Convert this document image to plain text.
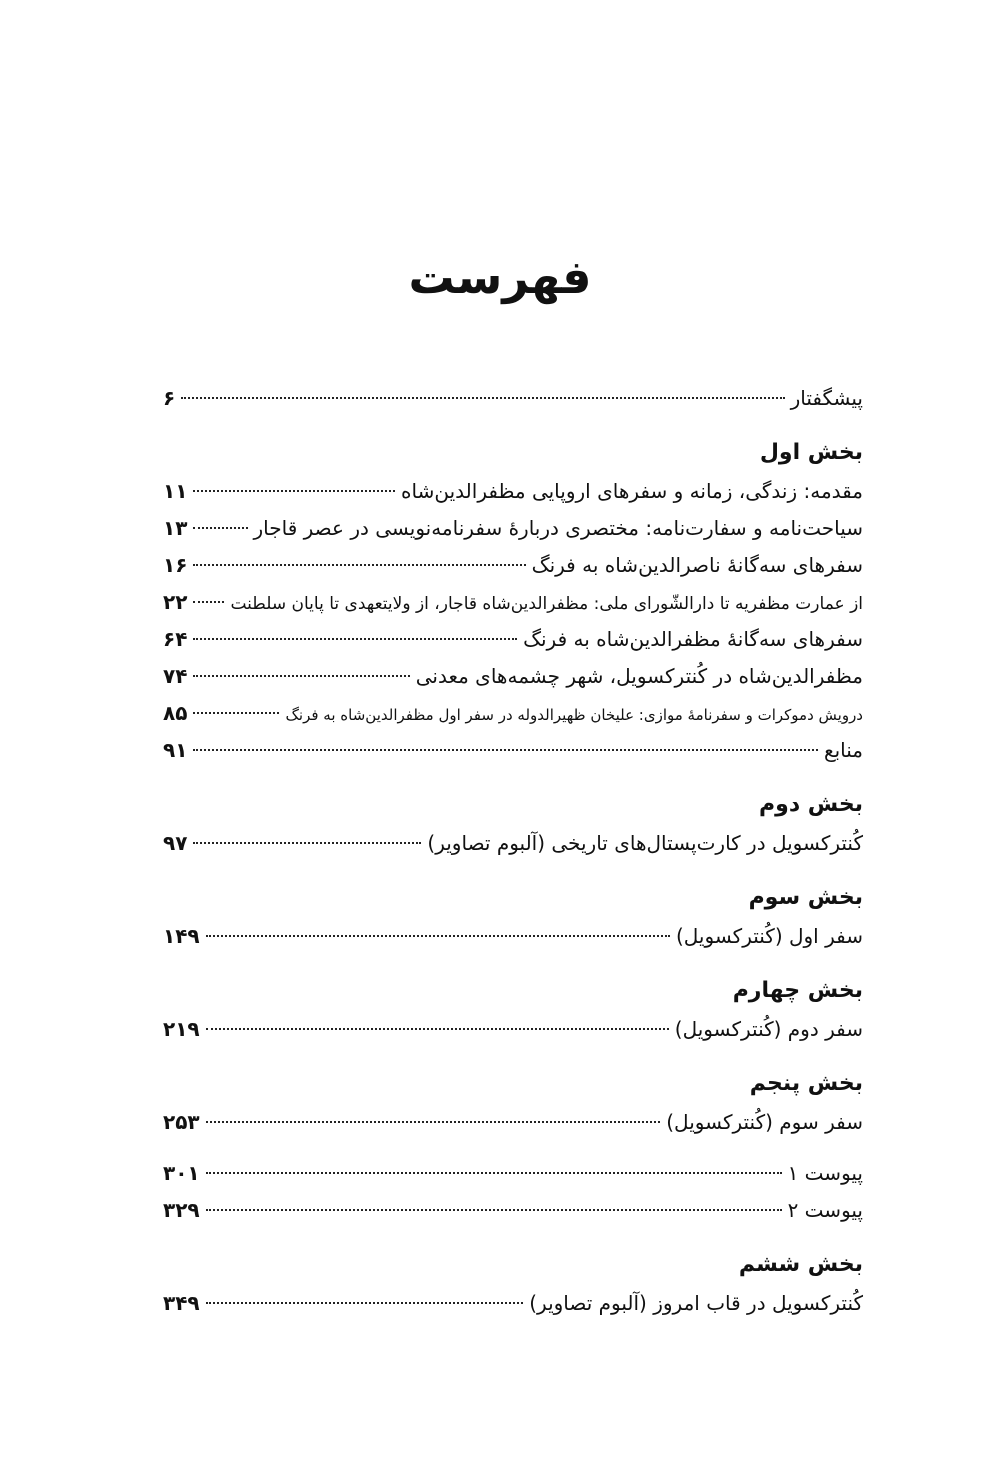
فهرست
پیشگفتار
۶
بخش اول
مقدمه: زندگی، زمانه و سفرهای اروپایی مظفرالدین‌شاه
۱۱
سیاحت‌نامه و سفارت‌نامه: مختصری دربارهٔ سفرنامه‌نویسی در عصر قاجار
۱۳
سفرهای سه‌گانهٔ ناصرالدین‌شاه به فرنگ
۱۶
از عمارت مظفریه تا دارالشّورای ملی: مظفرالدین‌شاه قاجار، از ولایتعهدی تا پایان سلطنت
۲۲
سفرهای سه‌گانهٔ مظفرالدین‌شاه به فرنگ
۶۴
مظفرالدین‌شاه در کُنترکسویل، شهر چشمه‌های معدنی
۷۴
درویش دموکرات و سفرنامهٔ موازی: علیخان ظهیرالدوله در سفر اول مظفرالدین‌شاه به فرنگ
۸۵
منابع
۹۱
بخش دوم
کُنترکسویل در کارت‌پستال‌های تاریخی (آلبوم تصاویر)
۹۷
بخش سوم
سفر اول (کُنترکسویل)
۱۴۹
بخش چهارم
سفر دوم (کُنترکسویل)
۲۱۹
بخش پنجم
سفر سوم (کُنترکسویل)
۲۵۳
پیوست ۱
۳۰۱
پیوست ۲
۳۲۹
بخش ششم
کُنترکسویل در قاب امروز (آلبوم تصاویر)
۳۴۹
